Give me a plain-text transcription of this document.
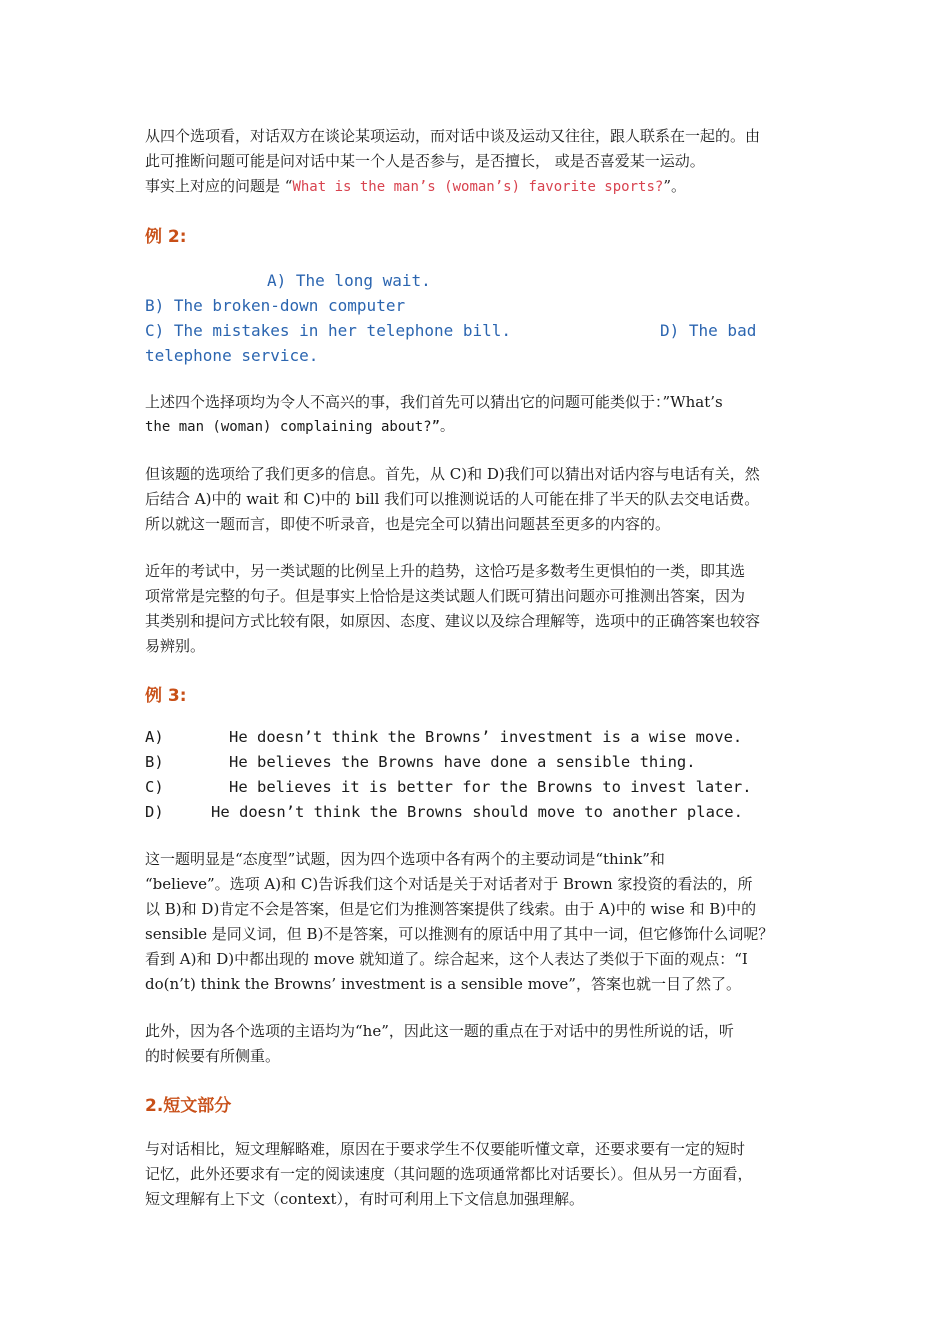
从四个选项看，对话双方在谈论某项运动，而对话中谈及运动又往往，跟人联系在一起的。由

此可推断问题可能是问对话中某一个人是否参与，是否擅长， 或是否喜爱某一运动。

事实上对应的问题是 “What is the man’s (woman’s) favorite sports?”。

例 2:

A) The long wait.
B) The broken-down computer
C) The mistakes in her telephone bill.	D) The bad
telephone service.

上述四个选择项均为令人不高兴的事，我们首先可以猜出它的问题可能类似于：”What’s

the man (woman) complaining about?”。

但该题的选项给了我们更多的信息。首先，从 C)和 D)我们可以猜出对话内容与电话有关，然

后结合 A)中的 wait 和 C)中的 bill 我们可以推测说话的人可能在排了半天的队去交电话费。

所以就这一题而言，即使不听录音，也是完全可以猜出问题甚至更多的内容的。

近年的考试中，另一类试题的比例呈上升的趋势，这恰巧是多数考生更惧怕的一类，即其选

项常常是完整的句子。但是事实上恰恰是这类试题人们既可猜出问题亦可推测出答案，因为

其类别和提问方式比较有限，如原因、态度、建议以及综合理解等，选项中的正确答案也较容

易辨别。

例 3:

A)	He doesn’t think the Browns’ investment is a wise move.
B)	He believes the Browns have done a sensible thing.
C)	He believes it is better for the Browns to invest later.
D)	He doesn’t think the Browns should move to another place.

这一题明显是“态度型”试题，因为四个选项中各有两个的主要动词是“think”和

“believe”。选项 A)和 C)告诉我们这个对话是关于对话者对于 Brown 家投资的看法的，所

以 B)和 D)肯定不会是答案，但是它们为推测答案提供了线索。由于 A)中的 wise 和 B)中的

sensible 是同义词，但 B)不是答案，可以推测有的原话中用了其中一词，但它修饰什么词呢？

看到 A)和 D)中都出现的 move 就知道了。综合起来，这个人表达了类似于下面的观点：“I

do(n’t) think the Browns’ investment is a sensible move”，答案也就一目了然了。

此外，因为各个选项的主语均为“he”，因此这一题的重点在于对话中的男性所说的话，听

的时候要有所侧重。

2.短文部分

与对话相比，短文理解略难，原因在于要求学生不仅要能听懂文章，还要求要有一定的短时

记忆，此外还要求有一定的阅读速度（其问题的选项通常都比对话要长）。但从另一方面看，

短文理解有上下文（context），有时可利用上下文信息加强理解。
